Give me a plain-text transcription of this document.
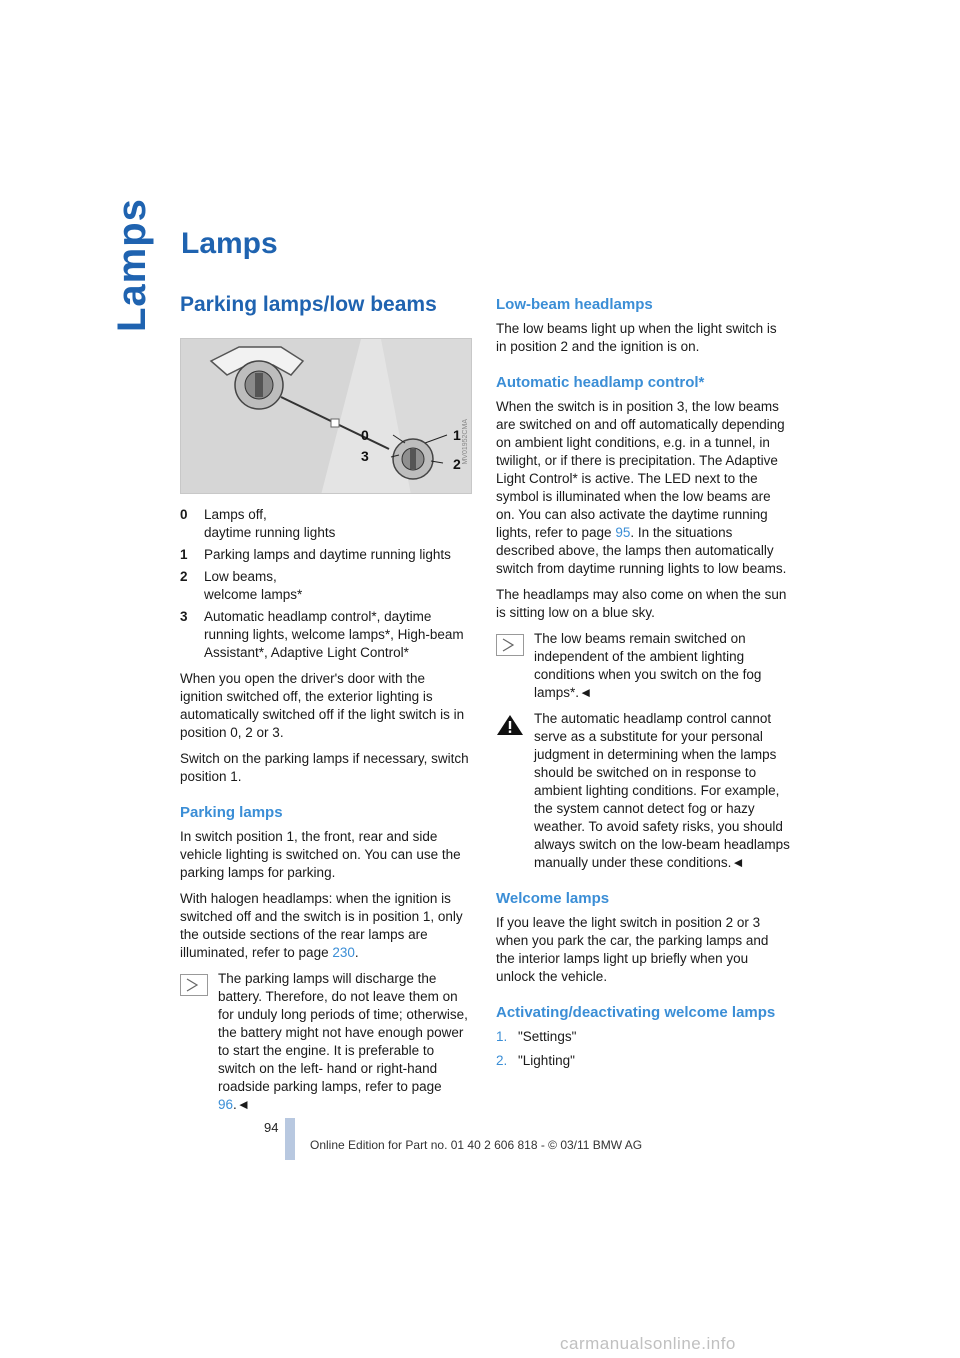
Lamps Lamps
Parking lamps/low beams
0	1
2
3	MV01952CMA
0	Lamps off,
daytime running lights
1	Parking lamps and daytime running lights
2	Low beams,
welcome lamps*
3	Automatic headlamp control*, daytime running lights, welcome lamps*, High-beam Assistant*, Adaptive Light Control*

When you open the driver's door with the ignition switched off, the exterior lighting is automatically switched off if the light switch is in position 0, 2 or 3.

Switch on the parking lamps if necessary, switch position 1.

Parking lamps

In switch position 1, the front, rear and side vehicle lighting is switched on. You can use the parking lamps for parking.

With halogen headlamps: when the ignition is switched off and the switch is in position 1, only the outside sections of the rear lamps are illuminated, refer to page 230.

The parking lamps will discharge the battery. Therefore, do not leave them on for unduly long periods of time; otherwise, the battery might not have enough power to start the engine. It is preferable to switch on the left- hand or right-hand roadside parking lamps, refer to page 96.◄
Low-beam headlamps

The low beams light up when the light switch is in position 2 and the ignition is on.

Automatic headlamp control*

When the switch is in position 3, the low beams are switched on and off automatically depending on ambient light conditions, e.g. in a tunnel, in twilight, or if there is precipitation. The Adaptive Light Control* is active. The LED next to the symbol is illuminated when the low beams are on. You can also activate the daytime running lights, refer to page 95. In the situations described above, the lamps then automatically switch from daytime running lights to low beams.

The headlamps may also come on when the sun is sitting low on a blue sky.

The low beams remain switched on independent of the ambient lighting conditions when you switch on the fog lamps*.◄
The automatic headlamp control cannot serve as a substitute for your personal judgment in determining when the lamps should be switched on in response to ambient lighting conditions. For example, the system cannot detect fog or hazy weather. To avoid safety risks, you should always switch on the low-beam headlamps manually under these conditions.◄
Welcome lamps

If you leave the light switch in position 2 or 3 when you park the car, the parking lamps and the interior lamps light up briefly when you unlock the vehicle.

Activating/deactivating welcome lamps
1. "Settings"
2. "Lighting"
94
Online Edition for Part no. 01 40 2 606 818 - © 03/11 BMW AG
carmanualsonline.info
